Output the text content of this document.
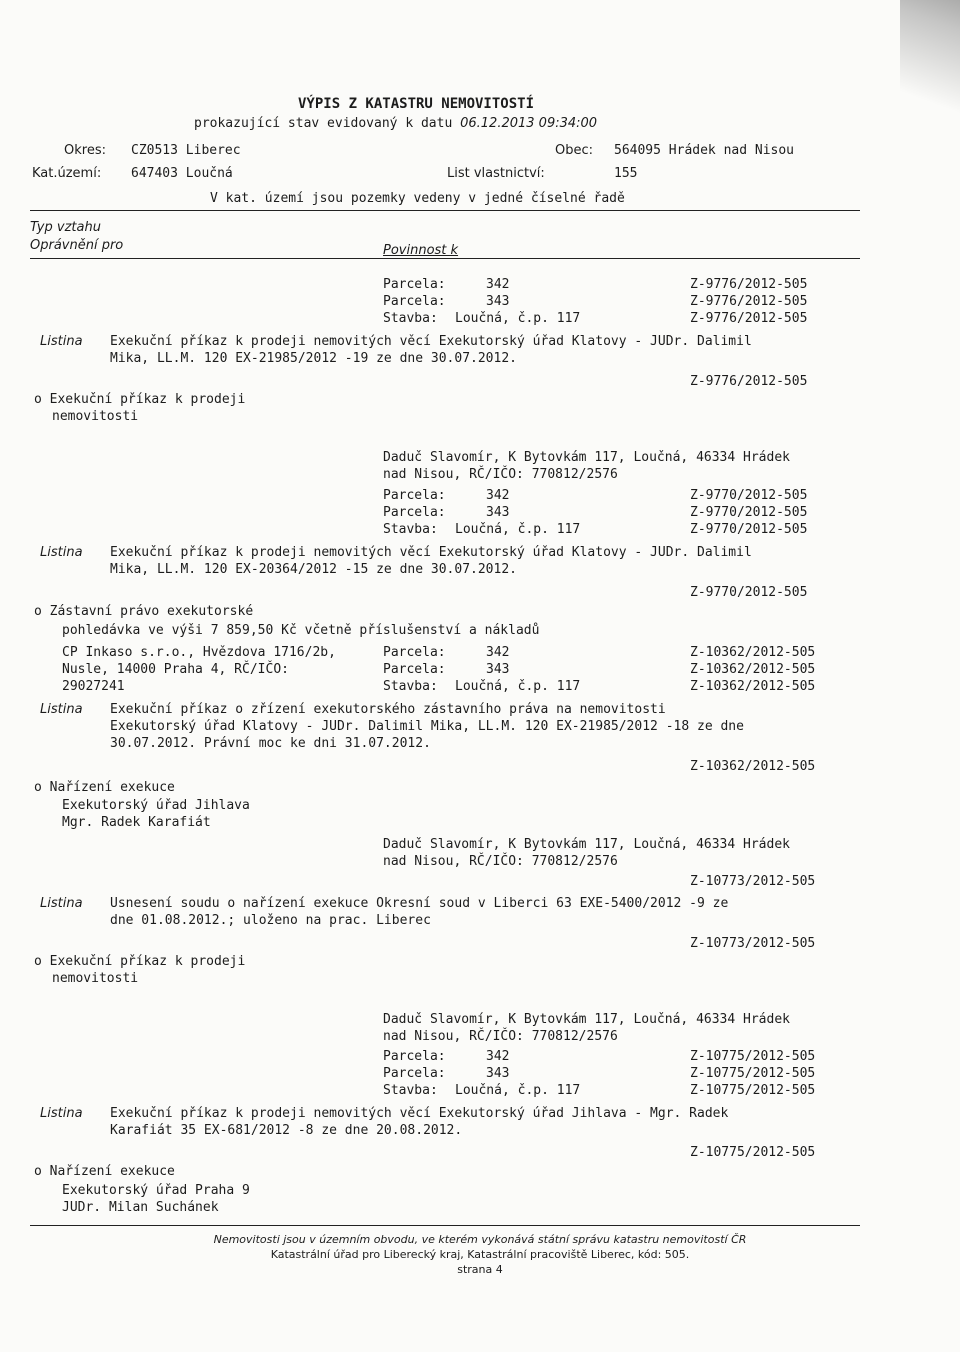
VÝPIS Z KATASTRU NEMOVITOSTÍ
prokazující stav evidovaný k datu 06.12.2013 09:34:00
Okres: CZ0513 Liberec	Obec: 564095 Hrádek nad Nisou
Kat.území: 647403 Loučná	List vlastnictví:	155
V kat. území jsou pozemky vedeny v jedné číselné řadě
Typ vztahu
Oprávnění pro	Povinnost k
Parcela:	342	Z-9776/2012-505
Parcela:	343	Z-9776/2012-505
Stavba: Loučná, č.p. 117	Z-9776/2012-505
Listina Exekuční příkaz k prodeji nemovitých věcí Exekutorský úřad Klatovy - JUDr. Dalimil
Mika, LL.M. 120 EX-21985/2012 -19 ze dne 30.07.2012.
Z-9776/2012-505
o Exekuční příkaz k prodeji
nemovitosti
Daduč Slavomír, K Bytovkám 117, Loučná, 46334 Hrádek
nad Nisou, RČ/IČO: 770812/2576
Parcela:	342	Z-9770/2012-505
Parcela:	343	Z-9770/2012-505
Stavba: Loučná, č.p. 117	Z-9770/2012-505
Listina Exekuční příkaz k prodeji nemovitých věcí Exekutorský úřad Klatovy - JUDr. Dalimil
Mika, LL.M. 120 EX-20364/2012 -15 ze dne 30.07.2012.
Z-9770/2012-505
o Zástavní právo exekutorské
pohledávka ve výši 7 859,50 Kč včetně příslušenství a nákladů
CP Inkaso s.r.o., Hvězdova 1716/2b,
Nusle, 14000 Praha 4, RČ/IČO:
29027241
Parcela:	342	Z-10362/2012-505
Parcela:	343	Z-10362/2012-505
Stavba: Loučná, č.p. 117	Z-10362/2012-505
Listina Exekuční příkaz o zřízení exekutorského zástavního práva na nemovitosti
Exekutorský úřad Klatovy - JUDr. Dalimil Mika, LL.M. 120 EX-21985/2012 -18 ze dne
30.07.2012. Právní moc ke dni 31.07.2012.
Z-10362/2012-505
o Nařízení exekuce
Exekutorský úřad Jihlava
Mgr. Radek Karafiát
Daduč Slavomír, K Bytovkám 117, Loučná, 46334 Hrádek
nad Nisou, RČ/IČO: 770812/2576
Z-10773/2012-505
Listina Usnesení soudu o nařízení exekuce Okresní soud v Liberci 63 EXE-5400/2012 -9 ze
dne 01.08.2012.; uloženo na prac. Liberec
Z-10773/2012-505
o Exekuční příkaz k prodeji
nemovitosti
Daduč Slavomír, K Bytovkám 117, Loučná, 46334 Hrádek
nad Nisou, RČ/IČO: 770812/2576
Parcela:	342	Z-10775/2012-505
Parcela:	343	Z-10775/2012-505
Stavba: Loučná, č.p. 117	Z-10775/2012-505
Listina Exekuční příkaz k prodeji nemovitých věcí Exekutorský úřad Jihlava - Mgr. Radek
Karafiát 35 EX-681/2012 -8 ze dne 20.08.2012.
Z-10775/2012-505
o Nařízení exekuce
Exekutorský úřad Praha 9
JUDr. Milan Suchánek
Nemovitosti jsou v územním obvodu, ve kterém vykonává státní správu katastru nemovitostí ČR
Katastrální úřad pro Liberecký kraj, Katastrální pracoviště Liberec, kód: 505.
strana 4
